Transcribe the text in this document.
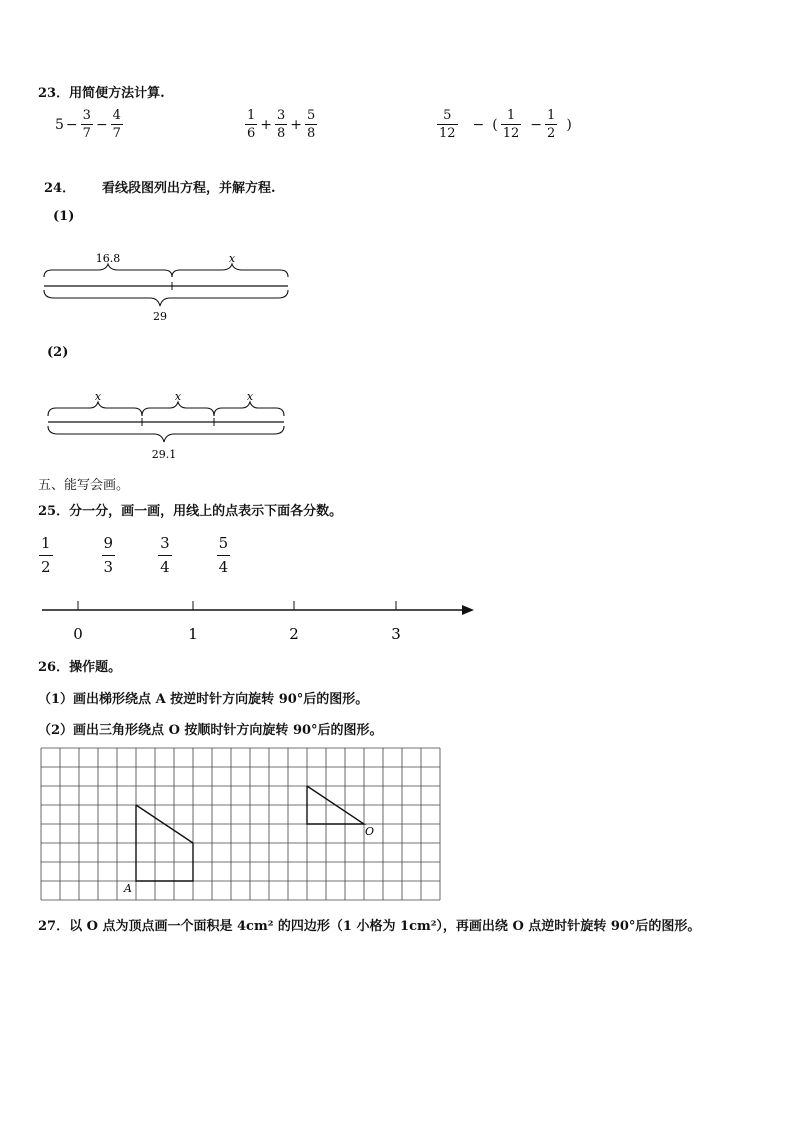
23．用简便方法计算.
$5 - \frac{3}{7} - \frac{4}{7}$	$\frac{1}{6} + \frac{3}{8} + \frac{5}{8}$	$\frac{5}{12}$ − ( $\frac{1}{12} - \frac{1}{2}$ )
24． 看线段图列出方程，并解方程.
(1)
16.8	x
29
(2)
x	x	x
29.1
五、能写会画。
25．分一分，画一画，用线上的点表示下面各分数。
$\frac{1}{2}$	$\frac{9}{3}$	$\frac{3}{4}$	$\frac{5}{4}$
0	1	2	3
26．操作题。
（1）画出梯形绕点 A 按逆时针方向旋转 90°后的图形。
（2）画出三角形绕点 O 按顺时针方向旋转 90°后的图形。
A
O
27．以 O 点为顶点画一个面积是 4cm² 的四边形（1 小格为 1cm²），再画出绕 O 点逆时针旋转 90°后的图形。
